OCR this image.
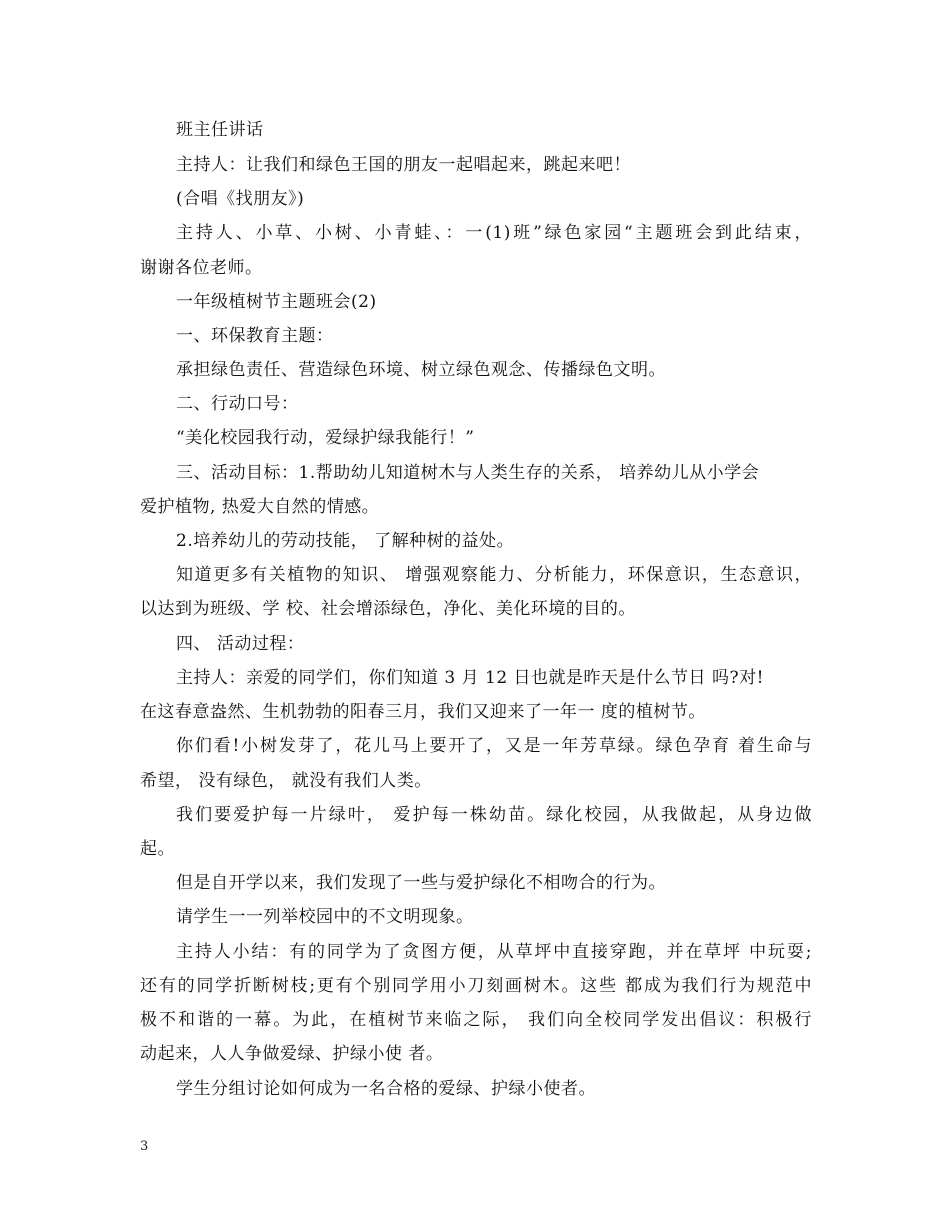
班主任讲话
主持人：让我们和绿色王国的朋友一起唱起来，跳起来吧！
(合唱《找朋友》)
主持人、小草、小树、小青蛙、：一(1)班”绿色家园“主题班会到此结束，
谢谢各位老师。
一年级植树节主题班会(2)
一、环保教育主题：
承担绿色责任、营造绿色环境、树立绿色观念、传播绿色文明。
二、行动口号：
“美化校园我行动，爱绿护绿我能行！”
三、活动目标：1.帮助幼儿知道树木与人类生存的关系， 培养幼儿从小学会
爱护植物, 热爱大自然的情感。
2.培养幼儿的劳动技能， 了解种树的益处。
知道更多有关植物的知识、 增强观察能力、分析能力，环保意识，生态意识，
以达到为班级、学 校、社会增添绿色，净化、美化环境的目的。
四、 活动过程：
主持人：亲爱的同学们，你们知道 3 月 12 日也就是昨天是什么节日 吗?对!
在这春意盎然、生机勃勃的阳春三月，我们又迎来了一年一 度的植树节。
你们看!小树发芽了，花儿马上要开了，又是一年芳草绿。绿色孕育 着生命与
希望， 没有绿色， 就没有我们人类。
我们要爱护每一片绿叶， 爱护每一株幼苗。绿化校园，从我做起，从身边做
起。
但是自开学以来，我们发现了一些与爱护绿化不相吻合的行为。
请学生一一列举校园中的不文明现象。
主持人小结：有的同学为了贪图方便，从草坪中直接穿跑，并在草坪 中玩耍;
还有的同学折断树枝;更有个别同学用小刀刻画树木。这些 都成为我们行为规范中
极不和谐的一幕。为此，在植树节来临之际， 我们向全校同学发出倡议：积极行
动起来，人人争做爱绿、护绿小使 者。
学生分组讨论如何成为一名合格的爱绿、护绿小使者。
3
